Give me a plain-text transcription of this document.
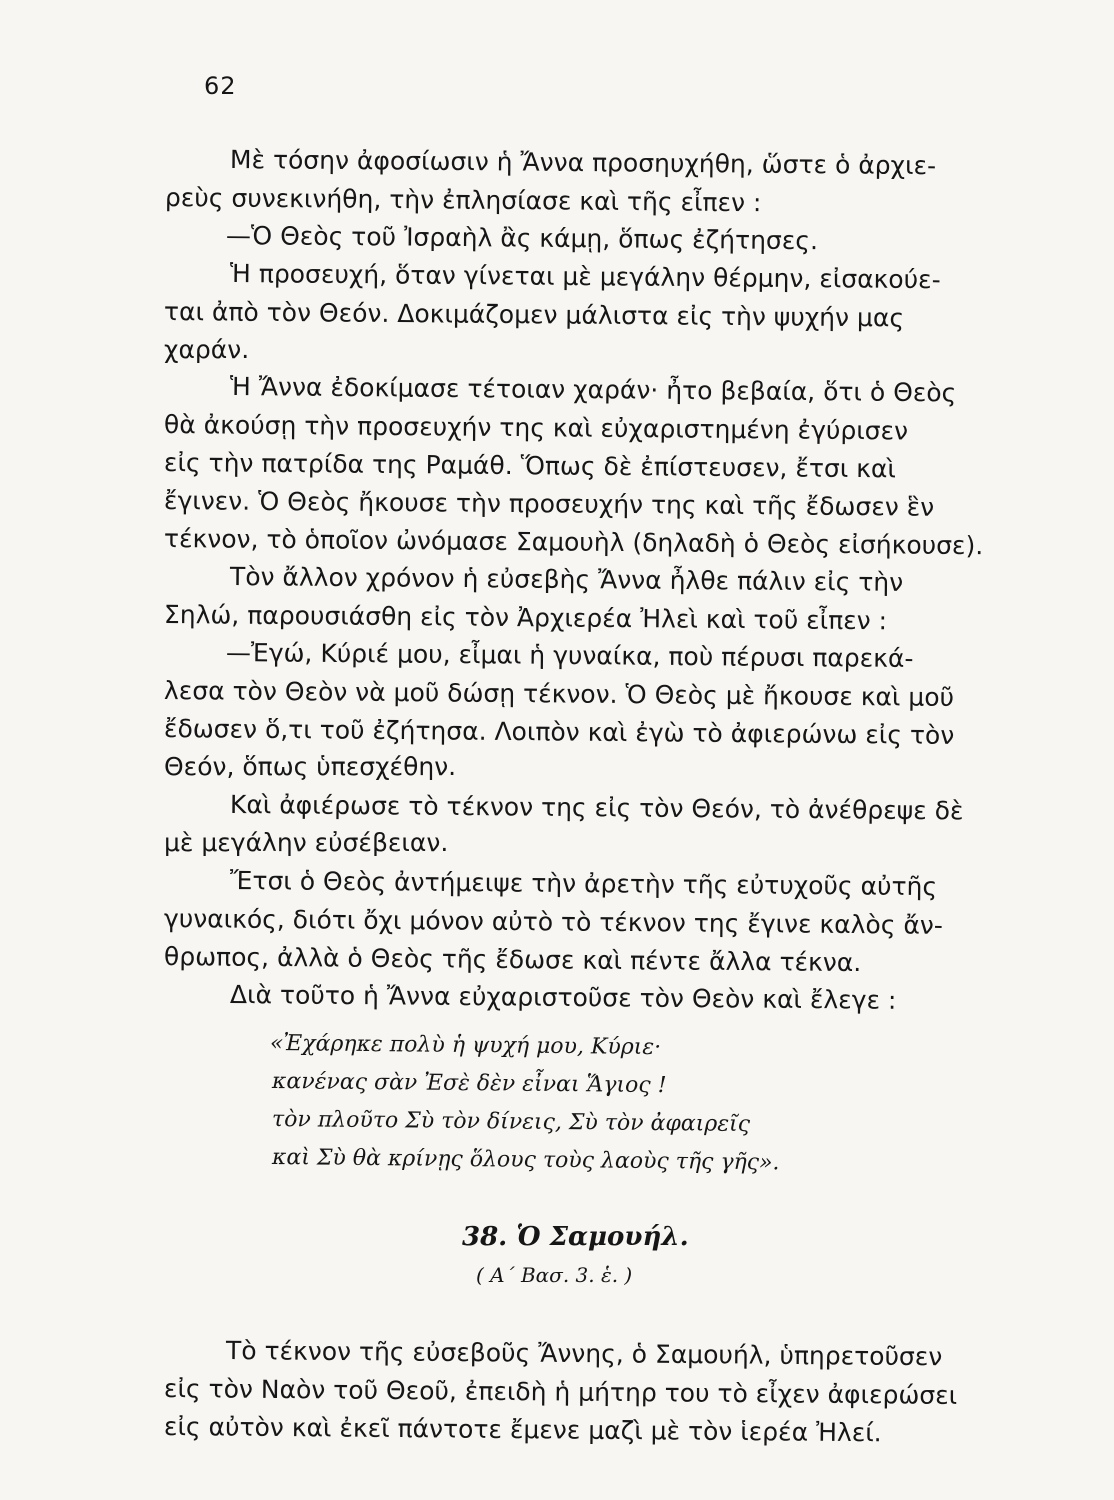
62
Μὲ τόσην ἀφοσίωσιν ἡ Ἄννα προσηυχήθη, ὥστε ὁ ἀρχιε-
ρεὺς συνεκινήθη, τὴν ἐπλησίασε καὶ τῆς εἶπεν :
—Ὁ Θεὸς τοῦ Ἰσραὴλ ἂς κάμῃ, ὅπως ἐζήτησες.
Ἡ προσευχή, ὅταν γίνεται μὲ μεγάλην θέρμην, εἰσακούε-
ται ἀπὸ τὸν Θεόν. Δοκιμάζομεν μάλιστα εἰς τὴν ψυχήν μας
χαράν.
Ἡ Ἄννα ἐδοκίμασε τέτοιαν χαράν· ἦτο βεβαία, ὅτι ὁ Θεὸς
θὰ ἀκούσῃ τὴν προσευχήν της καὶ εὐχαριστημένη ἐγύρισεν
εἰς τὴν πατρίδα της Ραμάθ. Ὅπως δὲ ἐπίστευσεν, ἔτσι καὶ
ἔγινεν. Ὁ Θεὸς ἤκουσε τὴν προσευχήν της καὶ τῆς ἔδωσεν ἓν
τέκνον, τὸ ὁποῖον ὠνόμασε Σαμουὴλ (δηλαδὴ ὁ Θεὸς εἰσήκουσε).
Τὸν ἄλλον χρόνον ἡ εὐσεβὴς Ἄννα ἦλθε πάλιν εἰς τὴν
Σηλώ, παρουσιάσθη εἰς τὸν Ἀρχιερέα Ἠλεὶ καὶ τοῦ εἶπεν :
—Ἐγώ, Κύριέ μου, εἶμαι ἡ γυναίκα, ποὺ πέρυσι παρεκά-
λεσα τὸν Θεὸν νὰ μοῦ δώσῃ τέκνον. Ὁ Θεὸς μὲ ἤκουσε καὶ μοῦ
ἔδωσεν ὅ,τι τοῦ ἐζήτησα. Λοιπὸν καὶ ἐγὼ τὸ ἀφιερώνω εἰς τὸν
Θεόν, ὅπως ὑπεσχέθην.
Καὶ ἀφιέρωσε τὸ τέκνον της εἰς τὸν Θεόν, τὸ ἀνέθρεψε δὲ
μὲ μεγάλην εὐσέβειαν.
Ἔτσι ὁ Θεὸς ἀντήμειψε τὴν ἀρετὴν τῆς εὐτυχοῦς αὐτῆς
γυναικός, διότι ὄχι μόνον αὐτὸ τὸ τέκνον της ἔγινε καλὸς ἄν-
θρωπος, ἀλλὰ ὁ Θεὸς τῆς ἔδωσε καὶ πέντε ἄλλα τέκνα.
Διὰ τοῦτο ἡ Ἄννα εὐχαριστοῦσε τὸν Θεὸν καὶ ἔλεγε :
«Ἐχάρηκε πολὺ ἡ ψυχή μου, Κύριε·
κανένας σὰν Ἐσὲ δὲν εἶναι Ἅγιος !
τὸν πλοῦτο Σὺ τὸν δίνεις, Σὺ τὸν ἀφαιρεῖς
καὶ Σὺ θὰ κρίνῃς ὅλους τοὺς λαοὺς τῆς γῆς».
38. Ὁ Σαμουήλ.
( Α΄ Βασ. 3. ἑ. )
Τὸ τέκνον τῆς εὐσεβοῦς Ἄννης, ὁ Σαμουήλ, ὑπηρετοῦσεν
εἰς τὸν Ναὸν τοῦ Θεοῦ, ἐπειδὴ ἡ μήτηρ του τὸ εἶχεν ἀφιερώσει
εἰς αὐτὸν καὶ ἐκεῖ πάντοτε ἔμενε μαζὶ μὲ τὸν ἱερέα Ἠλεί.
